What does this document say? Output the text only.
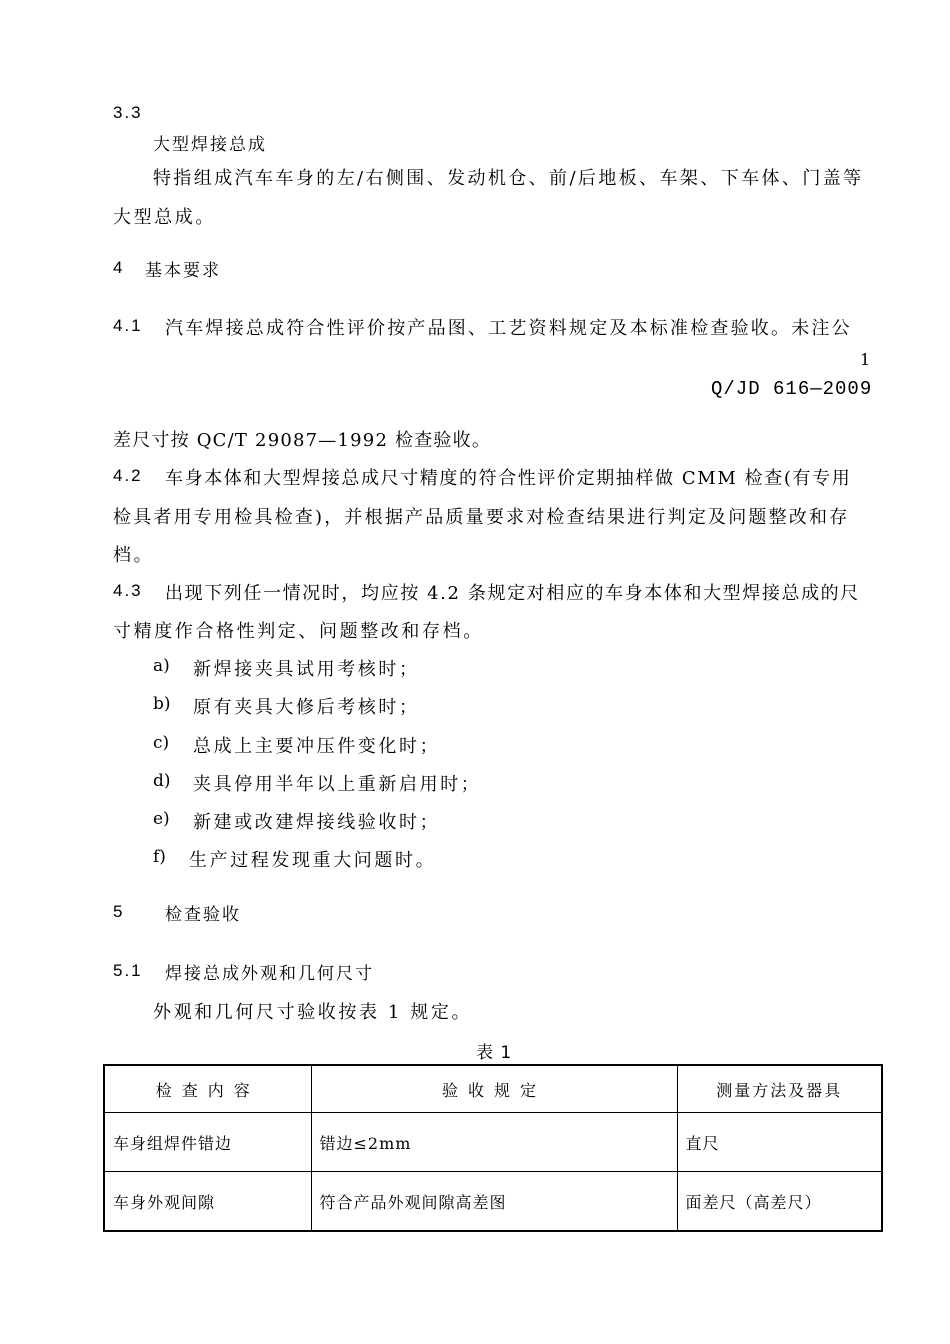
3.3
大型焊接总成
特指组成汽车车身的左/右侧围、发动机仓、前/后地板、车架、下车体、门盖等
大型总成。
4 基本要求
4.1 汽车焊接总成符合性评价按产品图、工艺资料规定及本标准检查验收。未注公
1
Q/JD 616—2009
差尺寸按 QC/T 29087—1992 检查验收。
4.2 车身本体和大型焊接总成尺寸精度的符合性评价定期抽样做 CMM 检查(有专用
检具者用专用检具检查)，并根据产品质量要求对检查结果进行判定及问题整改和存
档。
4.3 出现下列任一情况时，均应按 4.2 条规定对相应的车身本体和大型焊接总成的尺
寸精度作合格性判定、问题整改和存档。
a) 新焊接夹具试用考核时；
b) 原有夹具大修后考核时；
c) 总成上主要冲压件变化时；
d) 夹具停用半年以上重新启用时；
e) 新建或改建焊接线验收时；
f) 生产过程发现重大问题时。
5 检查验收
5.1 焊接总成外观和几何尺寸
外观和几何尺寸验收按表 1 规定。
表 1
检查内容	验收规定	测量方法及器具
车身组焊件错边	错边≤2mm	直尺
车身外观间隙	符合产品外观间隙高差图	面差尺（高差尺）
